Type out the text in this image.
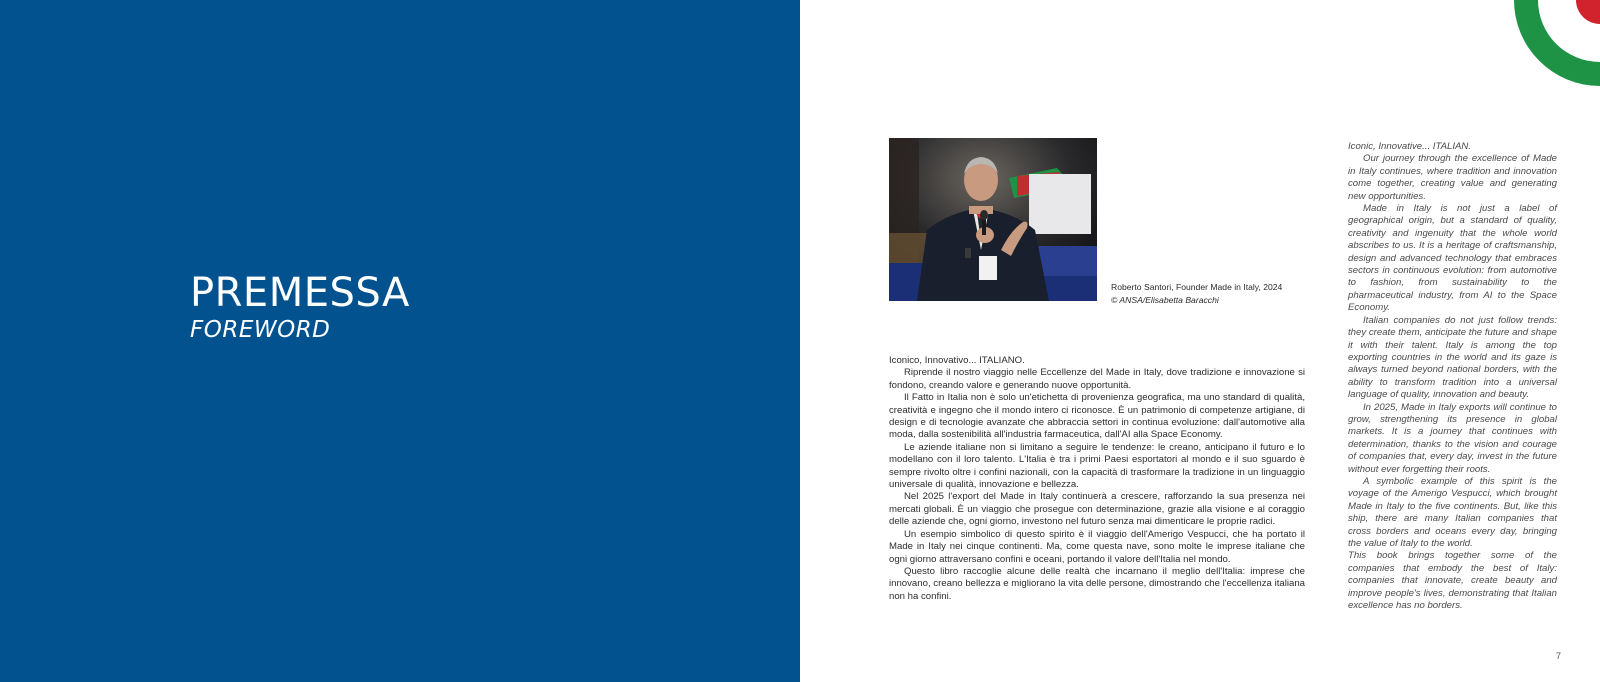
PREMESSA
FOREWORD
Roberto Santori, Founder Made in Italy, 2024
© ANSA/Elisabetta Baracchi

Iconico, Innovativo... ITALIANO.

Riprende il nostro viaggio nelle Eccellenze del Made in Italy, dove tradizione e innovazione si fondono, creando valore e generando nuove opportunità.

Il Fatto in Italia non è solo un'etichetta di provenienza geografica, ma uno standard di qualità, creatività e ingegno che il mondo intero ci riconosce. È un patrimonio di competenze artigiane, di design e di tecnologie avanzate che abbraccia settori in continua evoluzione: dall'automotive alla moda, dalla sostenibilità all'industria farmaceutica, dall'AI alla Space Economy.

Le aziende italiane non si limitano a seguire le tendenze: le creano, anticipano il futuro e lo modellano con il loro talento. L'Italia è tra i primi Paesi esportatori al mondo e il suo sguardo è sempre rivolto oltre i confini nazionali, con la capacità di trasformare la tradizione in un linguaggio universale di qualità, innovazione e bellezza.

Nel 2025 l'export del Made in Italy continuerà a crescere, rafforzando la sua presenza nei mercati globali. È un viaggio che prosegue con determinazione, grazie alla visione e al coraggio delle aziende che, ogni giorno, investono nel futuro senza mai dimenticare le proprie radici.

Un esempio simbolico di questo spirito è il viaggio dell'Amerigo Vespucci, che ha portato il Made in Italy nei cinque continenti. Ma, come questa nave, sono molte le imprese italiane che ogni giorno attraversano confini e oceani, portando il valore dell'Italia nel mondo.

Questo libro raccoglie alcune delle realtà che incarnano il meglio dell'Italia: imprese che innovano, creano bellezza e migliorano la vita delle persone, dimostrando che l'eccellenza italiana non ha confini.

Iconic, Innovative... ITALIAN.

Our journey through the excellence of Made in Italy continues, where tradition and innovation come together, creating value and generating new opportunities.

Made in Italy is not just a label of geographical origin, but a standard of quality, creativity and ingenuity that the whole world abscribes to us. It is a heritage of craftsmanship, design and advanced technology that embraces sectors in continuous evolution: from automotive to fashion, from sustainability to the pharmaceutical industry, from AI to the Space Economy.

Italian companies do not just follow trends: they create them, anticipate the future and shape it with their talent. Italy is among the top exporting countries in the world and its gaze is always turned beyond national borders, with the ability to transform tradition into a universal language of quality, innovation and beauty.

In 2025, Made in Italy exports will continue to grow, strengthening its presence in global markets. It is a journey that continues with determination, thanks to the vision and courage of companies that, every day, invest in the future without ever forgetting their roots.

A symbolic example of this spirit is the voyage of the Amerigo Vespucci, which brought Made in Italy to the five continents. But, like this ship, there are many Italian companies that cross borders and oceans every day, bringing the value of Italy to the world.

This book brings together some of the companies that embody the best of Italy: companies that innovate, create beauty and improve people's lives, demonstrating that Italian excellence has no borders.

7
